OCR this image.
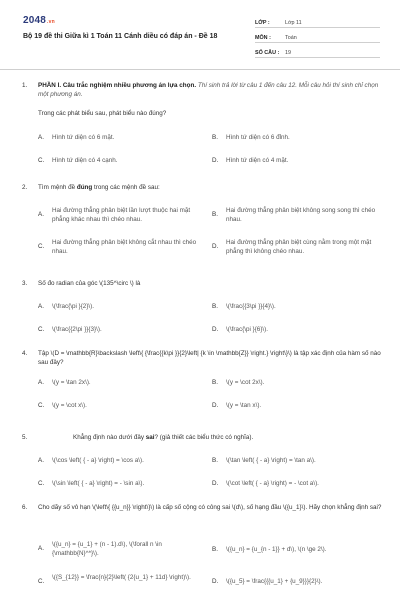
2048.vn
Bộ 19 đề thi Giữa kì 1 Toán 11 Cánh diều có đáp án - Đề 18
LỚP :	Lớp 11
MÔN :	Toán
SỐ CÂU :	19
1. PHẦN I. Câu trắc nghiệm nhiều phương án lựa chọn. Thí sinh trả lời từ câu 1 đến câu 12. Mỗi câu hỏi thí sinh chỉ chọn một phương án.
Trong các phát biểu sau, phát biểu nào đúng?
A.	Hình tứ diện có 6 mặt.	B.	Hình tứ diện có 6 đỉnh.
C.	Hình tứ diện có 4 cạnh.	D.	Hình tứ diện có 4 mặt.
2. Tìm mệnh đề đúng trong các mệnh đề sau:
A.
Hai đường thẳng phân biệt lần lượt thuộc hai mặt phẳng khác nhau thì chéo nhau.
B.
Hai đường thẳng phân biệt không song song thì chéo nhau.
C.
Hai đường thẳng phân biệt không cắt nhau thì chéo nhau.
D.
Hai đường thẳng phân biệt cùng nằm trong một mặt phẳng thì không chéo nhau.
3. Số đo radian của góc \(135^\circ \) là
A.	\(\frac{\pi }{2}\).	B.	\(\frac{{3\pi }}{4}\).
C.	\(\frac{{2\pi }}{3}\).	D.	\(\frac{\pi }{6}\).
4. Tập \(D = \mathbb{R}\backslash \left\{ {\frac{{k\pi }}{2}\left| {k \in \mathbb{Z}} \right.} \right\}\) là tập xác định của hàm số nào sau đây?
A.	\(y = \tan 2x\).	B.	\(y = \cot 2x\).
C.	\(y = \cot x\).	D.	\(y = \tan x\).
5.	Khẳng định nào dưới đây sai? (giả thiết các biểu thức có nghĩa).
A.	\(\cos \left( { - a} \right) = \cos a\).	B.	\(\tan \left( { - a} \right) = \tan a\).
C.	\(\sin \left( { - a} \right) = - \sin a\).	D.	\(\cot \left( { - a} \right) = - \cot a\).
6. Cho dãy số vô hạn \(\left\{ {{u_n}} \right\}\) là cấp số cộng có công sai \(d\), số hạng đầu \({u_1}\). Hãy chọn khẳng định sai?
A.
\({u_n} = {u_1} + (n - 1).d\), \(\forall n \in {\mathbb{N}^*}\).	B.	\({u_n} = {u_{n - 1}} + d\), \(n \ge 2\).
C.
\({S_{12}} = \frac{n}{2}\left( {2{u_1} + 11d} \right)\).
D.	\({u_5} = \frac{{{u_1} + {u_9}}}{2}\).
